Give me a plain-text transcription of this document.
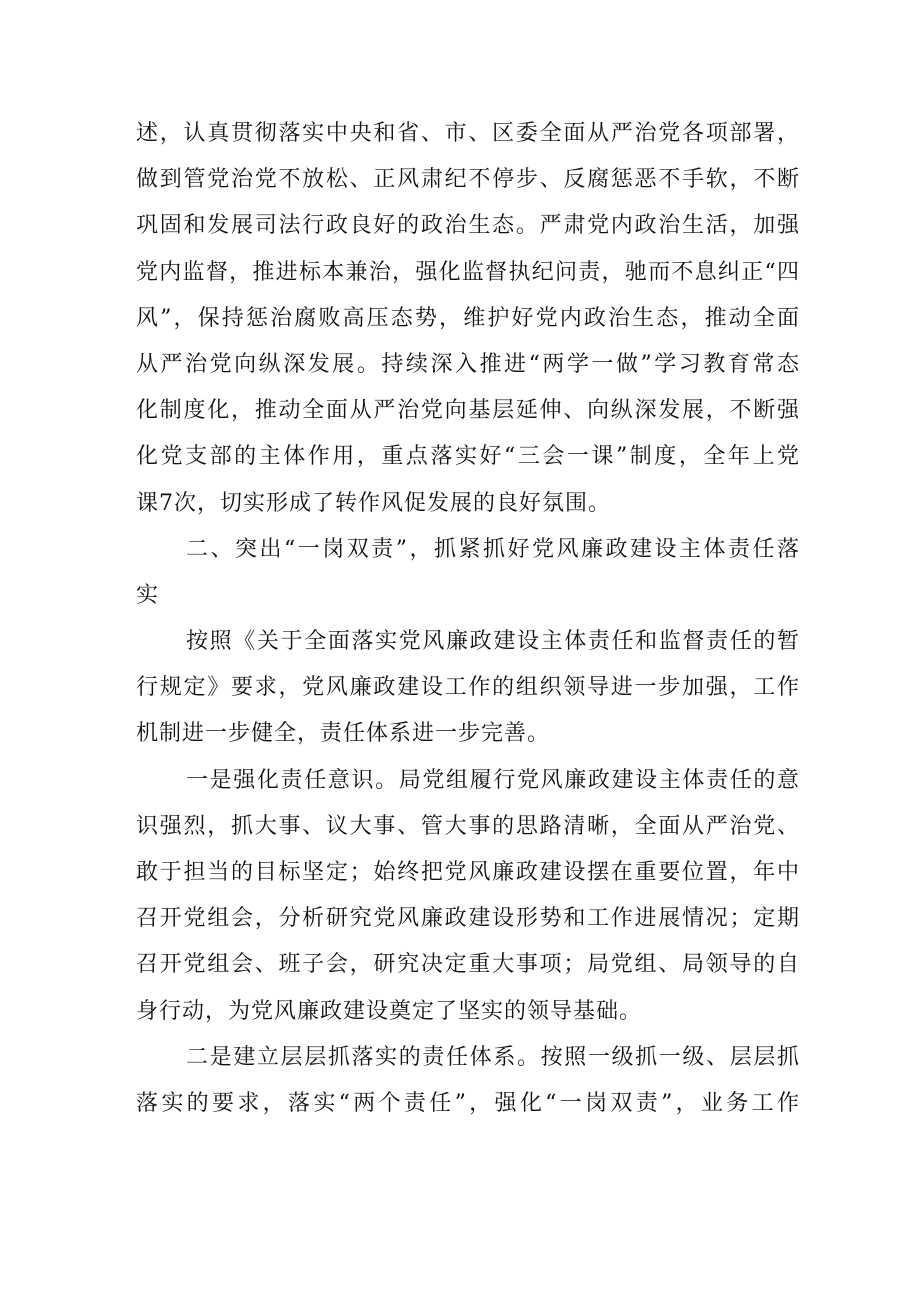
述，认真贯彻落实中央和省、市、区委全面从严治党各项部署，
做到管党治党不放松、正风肃纪不停步、反腐惩恶不手软，不断
巩固和发展司法行政良好的政治生态。严肃党内政治生活，加强
党内监督，推进标本兼治，强化监督执纪问责，驰而不息纠正“四
风”，保持惩治腐败高压态势，维护好党内政治生态，推动全面
从严治党向纵深发展。持续深入推进“两学一做”学习教育常态
化制度化，推动全面从严治党向基层延伸、向纵深发展，不断强
化党支部的主体作用，重点落实好“三会一课”制度，全年上党
课7次，切实形成了转作风促发展的良好氛围。
二、突出“一岗双责”，抓紧抓好党风廉政建设主体责任落
实
按照《关于全面落实党风廉政建设主体责任和监督责任的暂
行规定》要求，党风廉政建设工作的组织领导进一步加强，工作
机制进一步健全，责任体系进一步完善。
一是强化责任意识。局党组履行党风廉政建设主体责任的意
识强烈，抓大事、议大事、管大事的思路清晰，全面从严治党、
敢于担当的目标坚定；始终把党风廉政建设摆在重要位置，年中
召开党组会，分析研究党风廉政建设形势和工作进展情况；定期
召开党组会、班子会，研究决定重大事项；局党组、局领导的自
身行动，为党风廉政建设奠定了坚实的领导基础。
二是建立层层抓落实的责任体系。按照一级抓一级、层层抓
落实的要求，落实“两个责任”，强化“一岗双责”，业务工作
